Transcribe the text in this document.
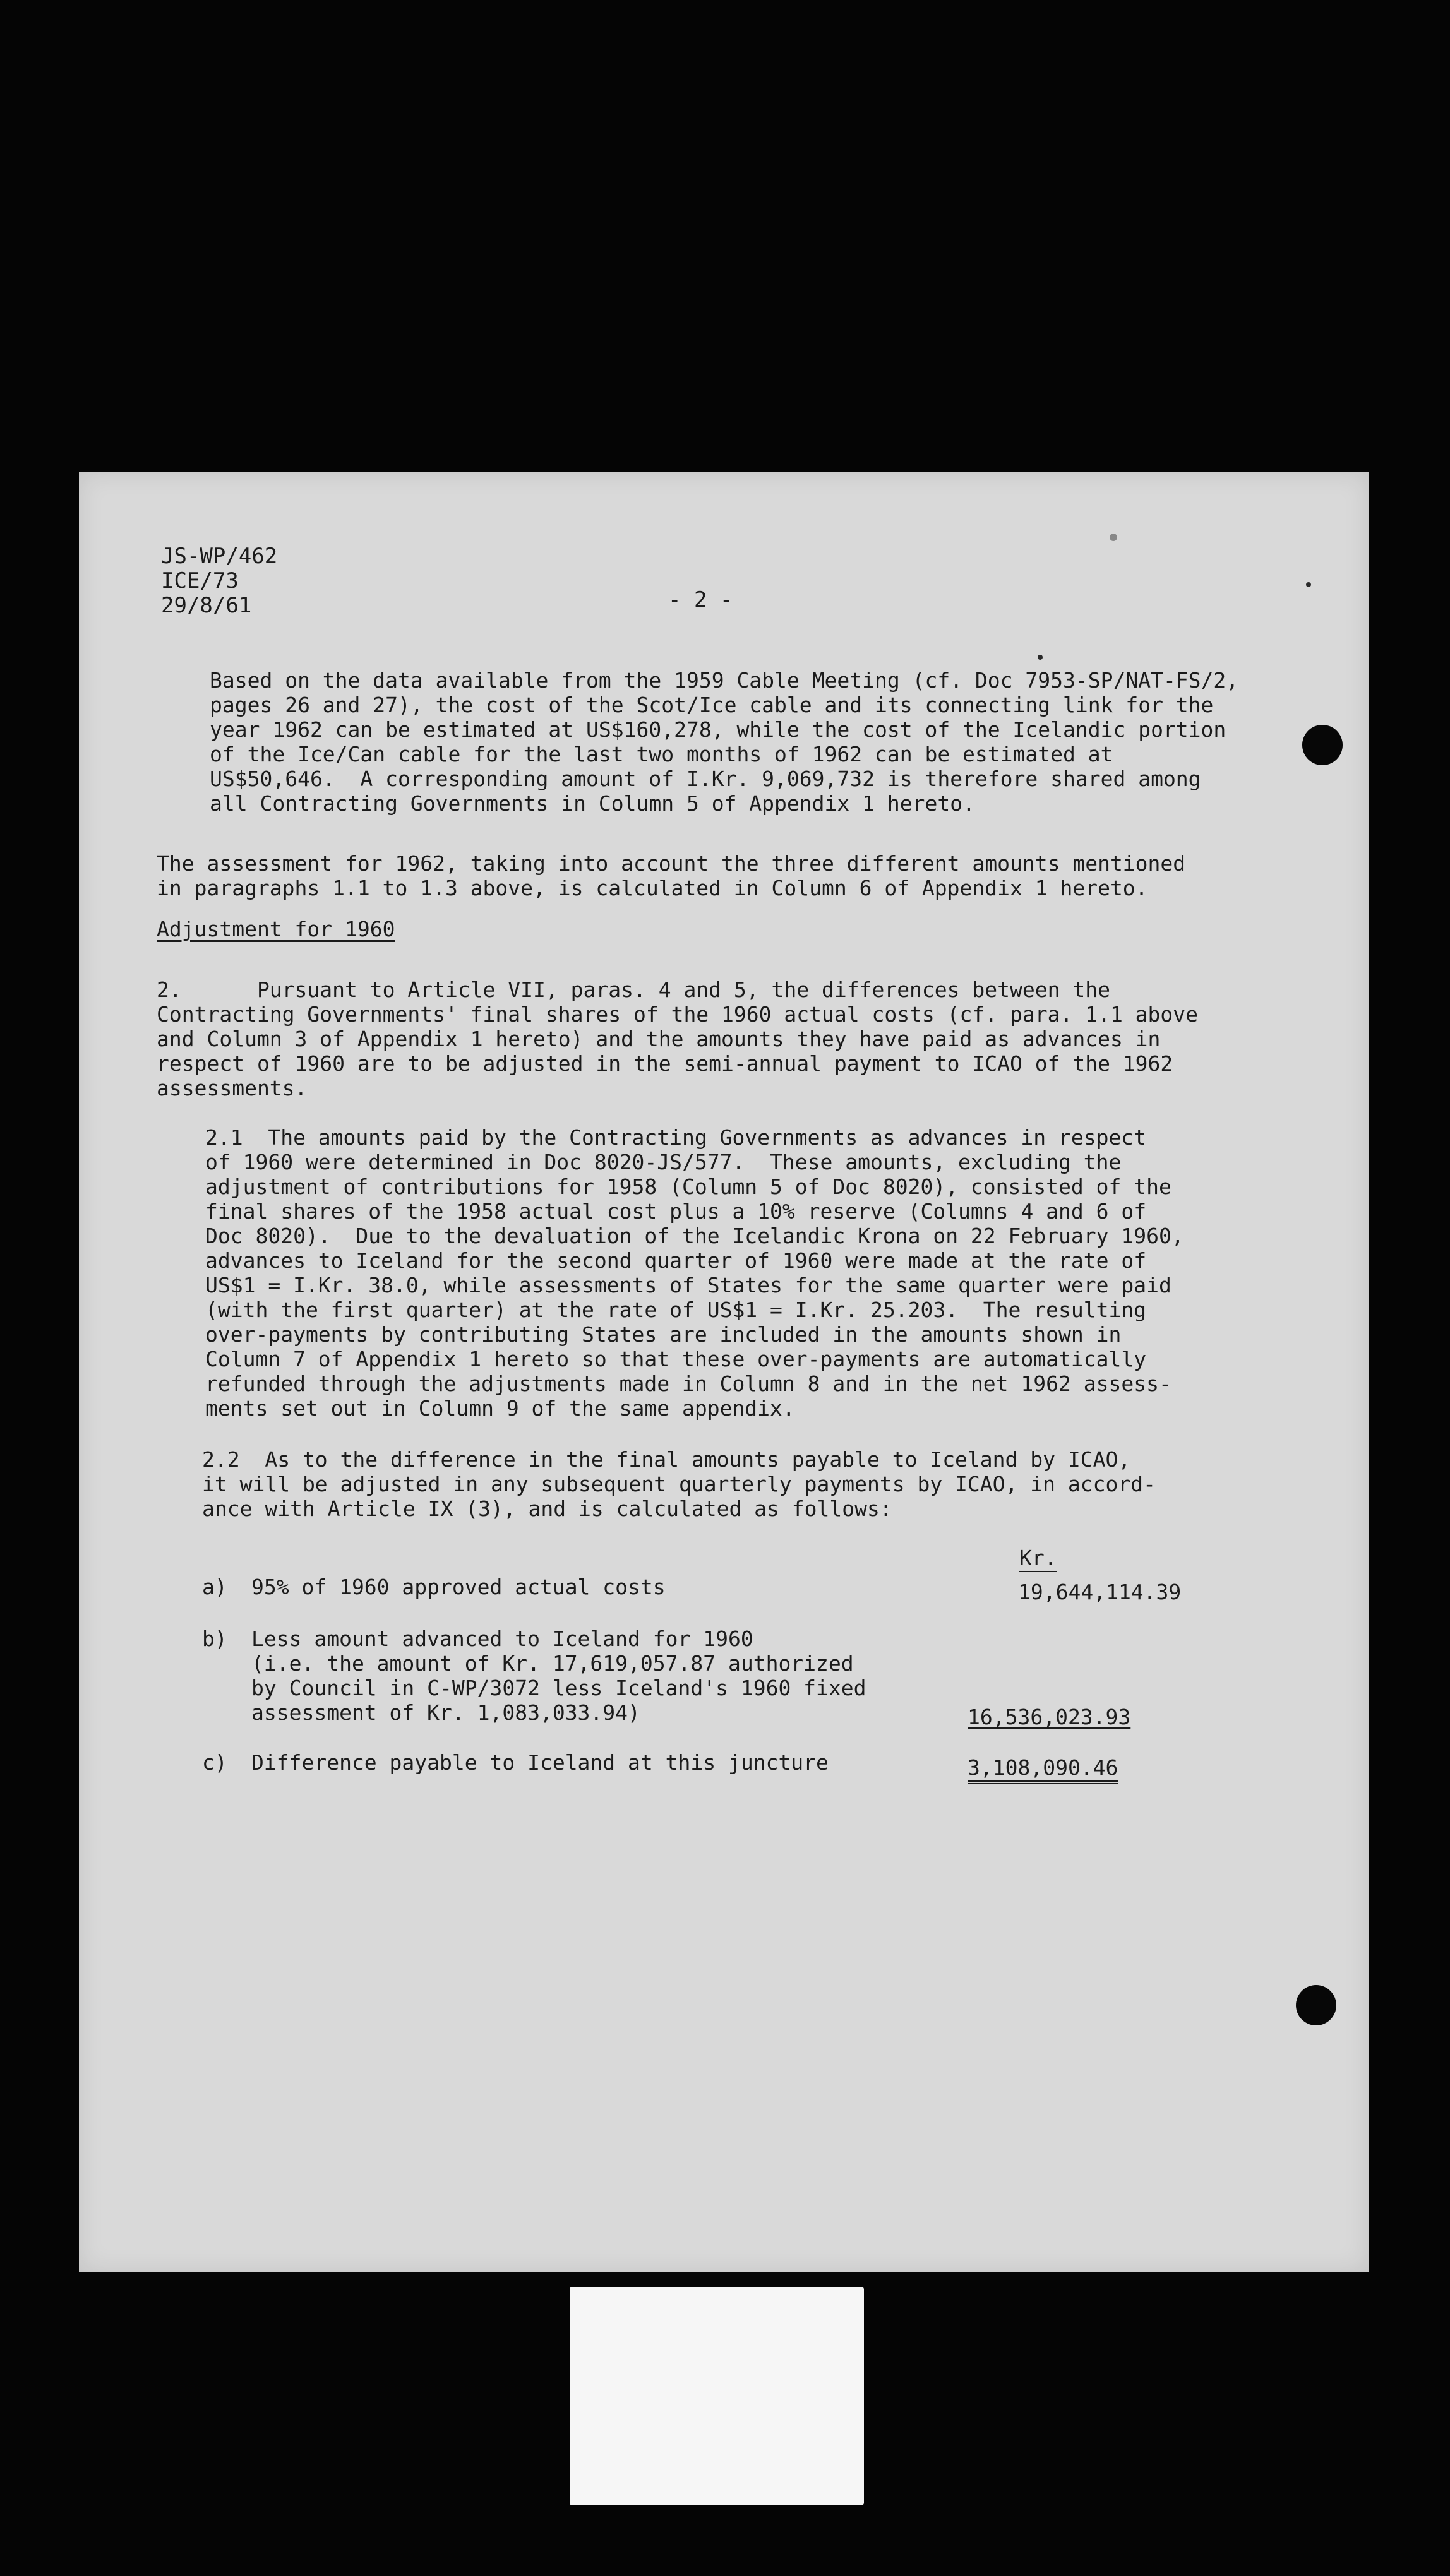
JS-WP/462
ICE/73
29/8/61	- 2 -
Based on the data available from the 1959 Cable Meeting (cf. Doc 7953-SP/NAT-FS/2,
pages 26 and 27), the cost of the Scot/Ice cable and its connecting link for the
year 1962 can be estimated at US$160,278, while the cost of the Icelandic portion
of the Ice/Can cable for the last two months of 1962 can be estimated at
US$50,646.  A corresponding amount of I.Kr. 9,069,732 is therefore shared among
all Contracting Governments in Column 5 of Appendix 1 hereto.
The assessment for 1962, taking into account the three different amounts mentioned
in paragraphs 1.1 to 1.3 above, is calculated in Column 6 of Appendix 1 hereto.
Adjustment for 1960
2.      Pursuant to Article VII, paras. 4 and 5, the differences between the
Contracting Governments' final shares of the 1960 actual costs (cf. para. 1.1 above
and Column 3 of Appendix 1 hereto) and the amounts they have paid as advances in
respect of 1960 are to be adjusted in the semi-annual payment to ICAO of the 1962
assessments.
2.1  The amounts paid by the Contracting Governments as advances in respect
of 1960 were determined in Doc 8020-JS/577.  These amounts, excluding the
adjustment of contributions for 1958 (Column 5 of Doc 8020), consisted of the
final shares of the 1958 actual cost plus a 10% reserve (Columns 4 and 6 of
Doc 8020).  Due to the devaluation of the Icelandic Krona on 22 February 1960,
advances to Iceland for the second quarter of 1960 were made at the rate of
US$1 = I.Kr. 38.0, while assessments of States for the same quarter were paid
(with the first quarter) at the rate of US$1 = I.Kr. 25.203.  The resulting
over-payments by contributing States are included in the amounts shown in
Column 7 of Appendix 1 hereto so that these over-payments are automatically
refunded through the adjustments made in Column 8 and in the net 1962 assess-
ments set out in Column 9 of the same appendix.
2.2  As to the difference in the final amounts payable to Iceland by ICAO,
it will be adjusted in any subsequent quarterly payments by ICAO, in accord-
ance with Article IX (3), and is calculated as follows:
Kr.
a) 95% of 1960 approved actual costs	19,644,114.39
b) Less amount advanced to Iceland for 1960
(i.e. the amount of Kr. 17,619,057.87 authorized
by Council in C-WP/3072 less Iceland's 1960 fixed
assessment of Kr. 1,083,033.94)	16,536,023.93
c) Difference payable to Iceland at this juncture	3,108,090.46
